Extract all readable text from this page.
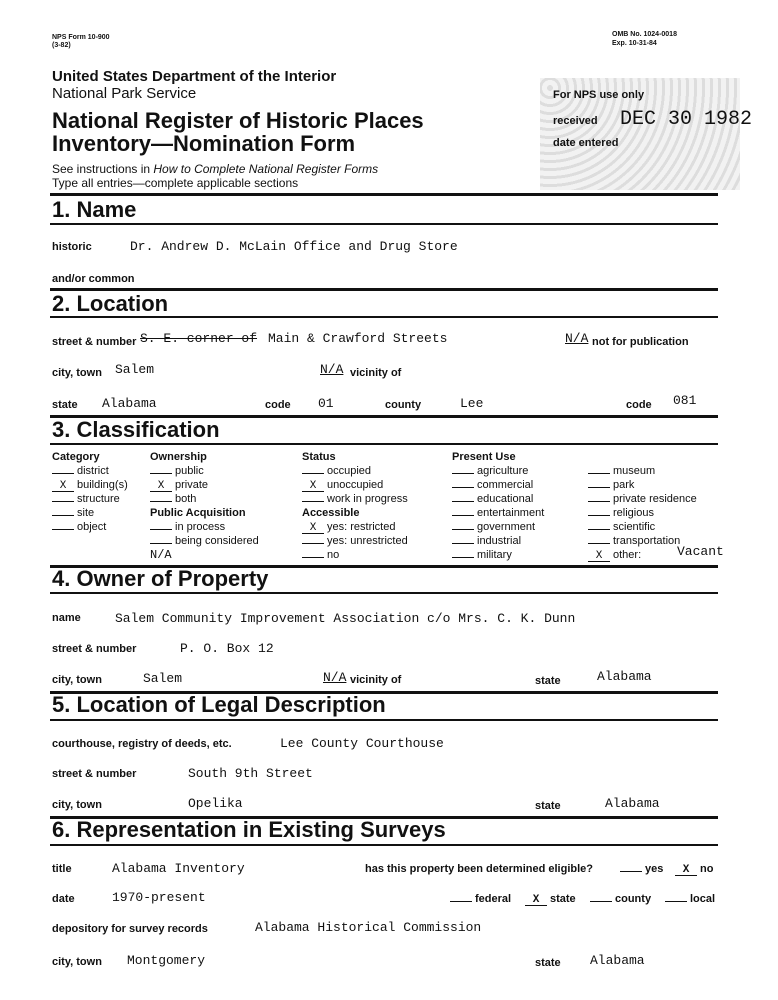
NPS Form 10-900
(3-82)
OMB No. 1024-0018
Exp. 10-31-84
United States Department of the Interior
National Park Service
National Register of Historic Places
Inventory—Nomination Form
See instructions in How to Complete National Register Forms
Type all entries—complete applicable sections
For NPS use only
received DEC 30 1982
date entered
1. Name
historic	Dr. Andrew D. McLain Office and Drug Store
and/or common
2. Location
street & number S. E. corner of Main & Crawford Streets	N/A not for publication
city, town Salem	N/A vicinity of
state Alabama	code 01	county	Lee	code 081
3. Classification
Category
district
X building(s)
structure
site
object
Ownership
public
X private
both
Public Acquisition
in process
being considered
N/A
Status
occupied
X unoccupied
work in progress
Accessible
X yes: restricted
yes: unrestricted
no
Present Use
agriculture
commercial
educational
entertainment
government
industrial
military
museum
park
private residence
religious
scientific
transportation
X other:	Vacant
4. Owner of Property
name	Salem Community Improvement Association c/o Mrs. C. K. Dunn
street & number	P. O. Box 12
city, town	Salem	N/A vicinity of	state	Alabama
5. Location of Legal Description
courthouse, registry of deeds, etc.	Lee County Courthouse
street & number	South 9th Street
city, town	Opelika	state	Alabama
6. Representation in Existing Surveys
title	Alabama Inventory	has this property been determined eligible?	yes	X no
date	1970-present	federal	X state	county	local
depository for survey records	Alabama Historical Commission
city, town Montgomery	state Alabama
